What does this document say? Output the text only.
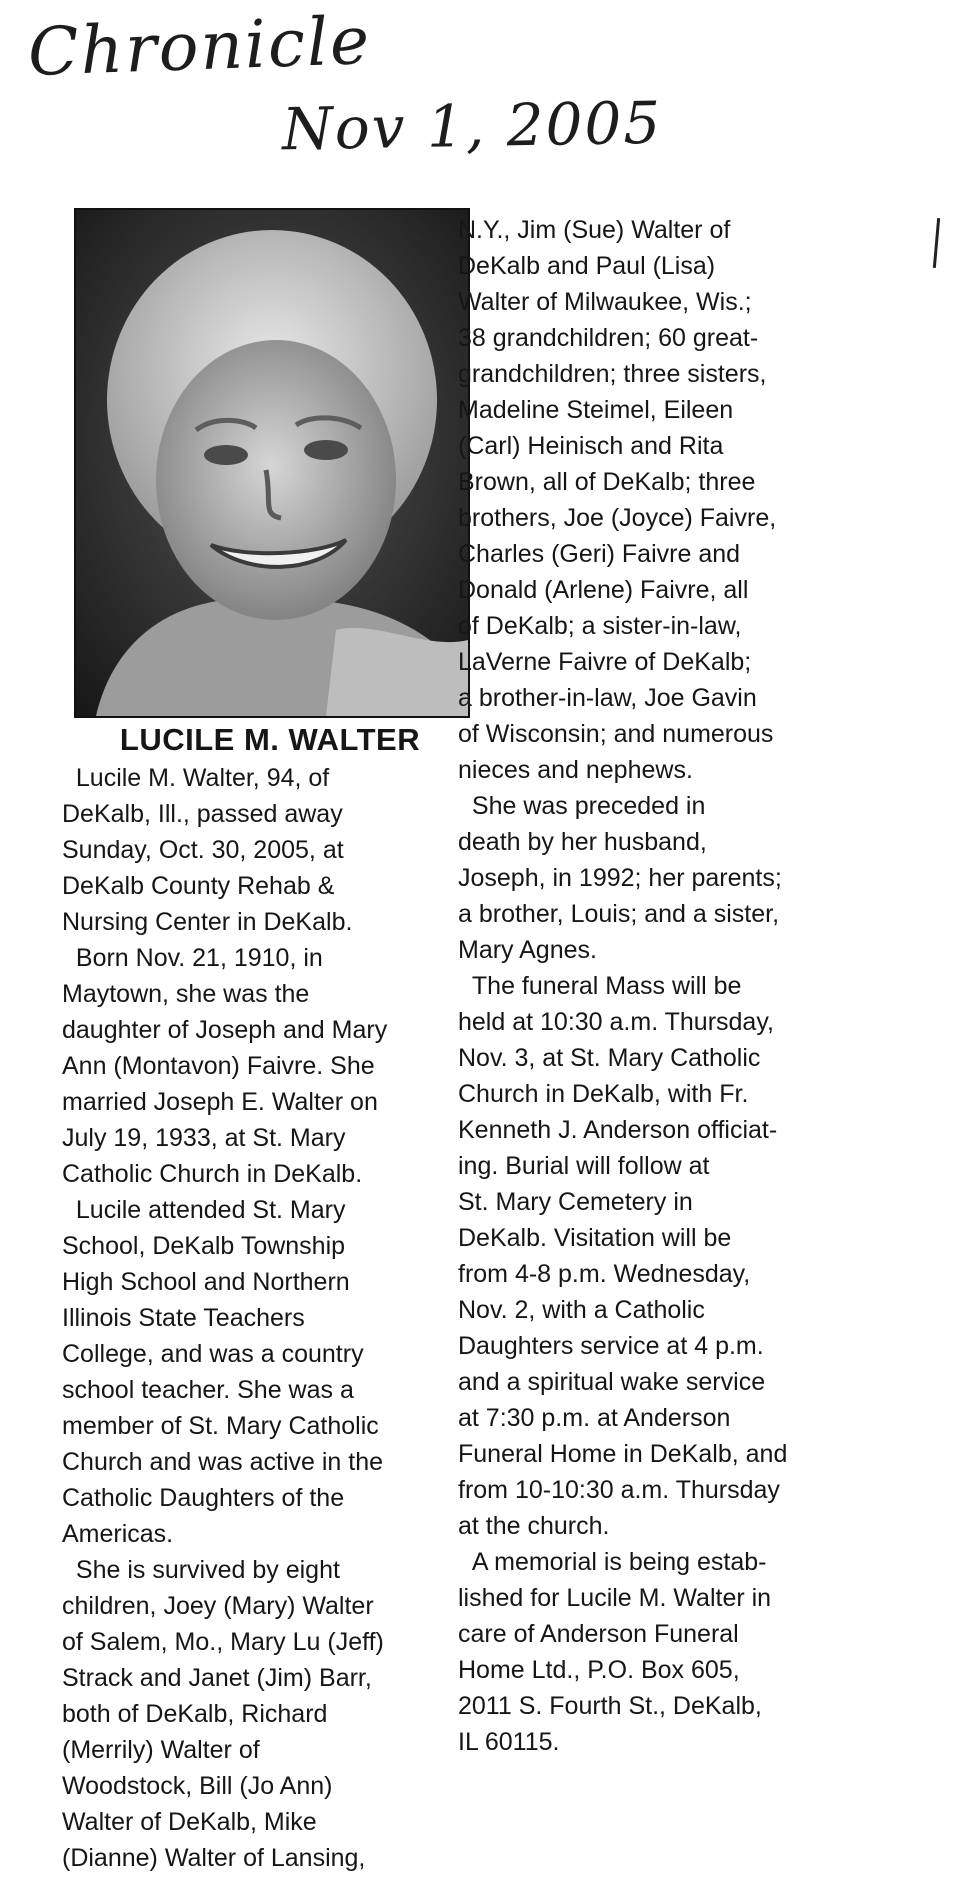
Chronicle
Nov 1, 2005
LUCILE M. WALTER
Lucile M. Walter, 94, of
DeKalb, Ill., passed away
Sunday, Oct. 30, 2005, at
DeKalb County Rehab &
Nursing Center in DeKalb.
Born Nov. 21, 1910, in
Maytown, she was the
daughter of Joseph and Mary
Ann (Montavon) Faivre. She
married Joseph E. Walter on
July 19, 1933, at St. Mary
Catholic Church in DeKalb.
Lucile attended St. Mary
School, DeKalb Township
High School and Northern
Illinois State Teachers
College, and was a country
school teacher. She was a
member of St. Mary Catholic
Church and was active in the
Catholic Daughters of the
Americas.
She is survived by eight
children, Joey (Mary) Walter
of Salem, Mo., Mary Lu (Jeff)
Strack and Janet (Jim) Barr,
both of DeKalb, Richard
(Merrily) Walter of
Woodstock, Bill (Jo Ann)
Walter of DeKalb, Mike
(Dianne) Walter of Lansing,
N.Y., Jim (Sue) Walter of
DeKalb and Paul (Lisa)
Walter of Milwaukee, Wis.;
38 grandchildren; 60 great-
grandchildren; three sisters,
Madeline Steimel, Eileen
(Carl) Heinisch and Rita
Brown, all of DeKalb; three
brothers, Joe (Joyce) Faivre,
Charles (Geri) Faivre and
Donald (Arlene) Faivre, all
of DeKalb; a sister-in-law,
LaVerne Faivre of DeKalb;
a brother-in-law, Joe Gavin
of Wisconsin; and numerous
nieces and nephews.
She was preceded in
death by her husband,
Joseph, in 1992; her parents;
a brother, Louis; and a sister,
Mary Agnes.
The funeral Mass will be
held at 10:30 a.m. Thursday,
Nov. 3, at St. Mary Catholic
Church in DeKalb, with Fr.
Kenneth J. Anderson officiat-
ing. Burial will follow at
St. Mary Cemetery in
DeKalb. Visitation will be
from 4-8 p.m. Wednesday,
Nov. 2, with a Catholic
Daughters service at 4 p.m.
and a spiritual wake service
at 7:30 p.m. at Anderson
Funeral Home in DeKalb, and
from 10-10:30 a.m. Thursday
at the church.
A memorial is being estab-
lished for Lucile M. Walter in
care of Anderson Funeral
Home Ltd., P.O. Box 605,
2011 S. Fourth St., DeKalb,
IL 60115.
